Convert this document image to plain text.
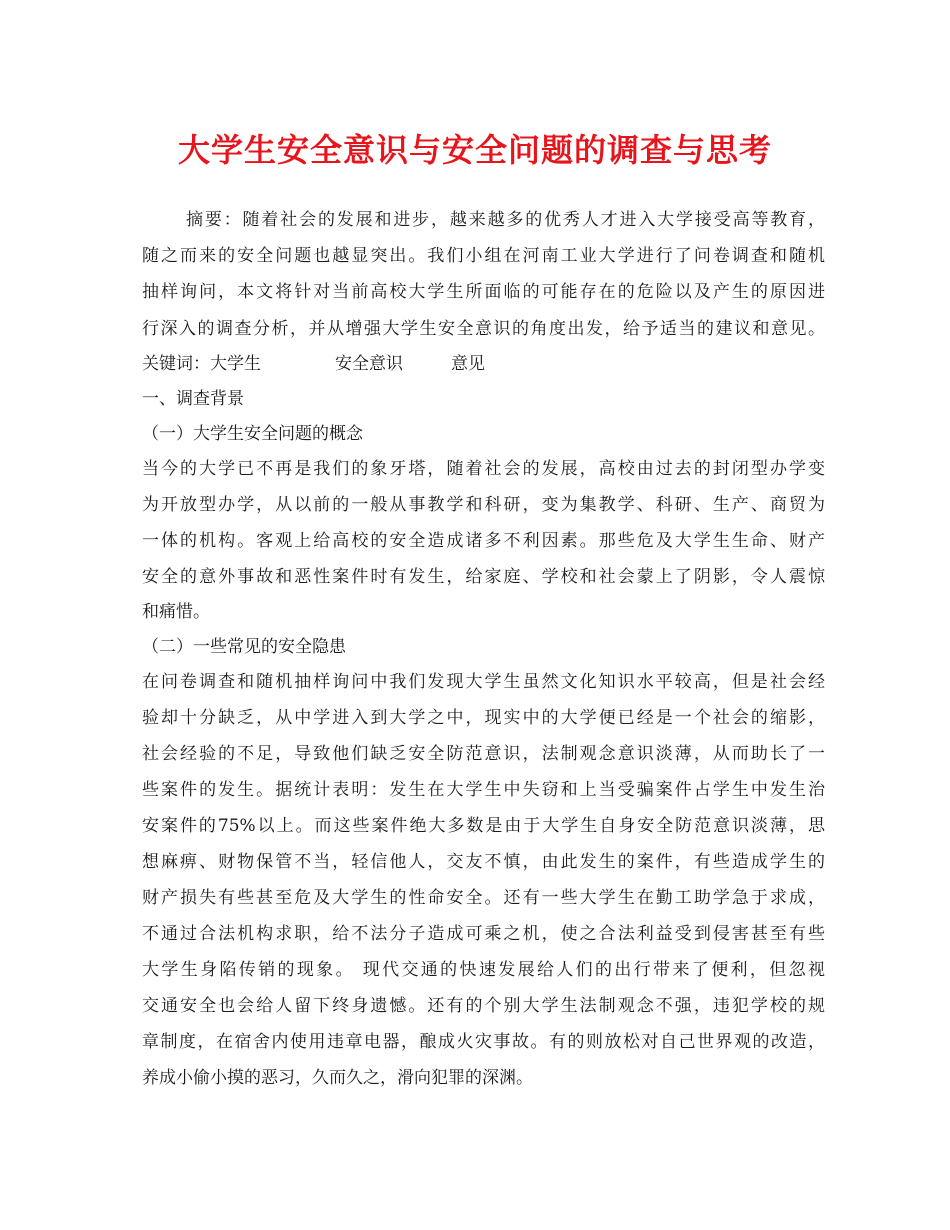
大学生安全意识与安全问题的调查与思考
摘要：随着社会的发展和进步，越来越多的优秀人才进入大学接受高等教育，
随之而来的安全问题也越显突出。我们小组在河南工业大学进行了问卷调查和随机
抽样询问，本文将针对当前高校大学生所面临的可能存在的危险以及产生的原因进
行深入的调查分析，并从增强大学生安全意识的角度出发，给予适当的建议和意见。
关键词：大学生	安全意识	意见
一、调查背景
（一）大学生安全问题的概念
当今的大学已不再是我们的象牙塔，随着社会的发展，高校由过去的封闭型办学变
为开放型办学，从以前的一般从事教学和科研，变为集教学、科研、生产、商贸为
一体的机构。客观上给高校的安全造成诸多不利因素。那些危及大学生生命、财产
安全的意外事故和恶性案件时有发生，给家庭、学校和社会蒙上了阴影，令人震惊
和痛惜。
（二）一些常见的安全隐患
在问卷调查和随机抽样询问中我们发现大学生虽然文化知识水平较高，但是社会经
验却十分缺乏，从中学进入到大学之中，现实中的大学便已经是一个社会的缩影，
社会经验的不足，导致他们缺乏安全防范意识，法制观念意识淡薄，从而助长了一
些案件的发生。据统计表明：发生在大学生中失窃和上当受骗案件占学生中发生治
安案件的75%以上。而这些案件绝大多数是由于大学生自身安全防范意识淡薄，思
想麻痹、财物保管不当，轻信他人，交友不慎，由此发生的案件，有些造成学生的
财产损失有些甚至危及大学生的性命安全。还有一些大学生在勤工助学急于求成，
不通过合法机构求职，给不法分子造成可乘之机，使之合法利益受到侵害甚至有些
大学生身陷传销的现象。 现代交通的快速发展给人们的出行带来了便利，但忽视
交通安全也会给人留下终身遗憾。还有的个别大学生法制观念不强，违犯学校的规
章制度，在宿舍内使用违章电器，酿成火灾事故。有的则放松对自己世界观的改造，
养成小偷小摸的恶习，久而久之，滑向犯罪的深渊。
